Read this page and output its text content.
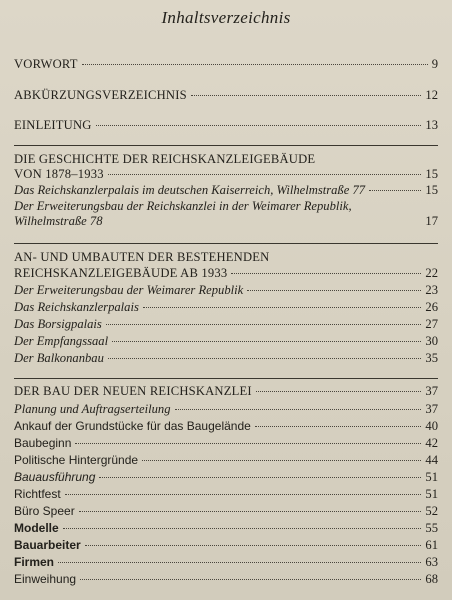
Inhaltsverzeichnis
VORWORT	9
ABKÜRZUNGSVERZEICHNIS	12
EINLEITUNG	13
DIE GESCHICHTE DER REICHSKANZLEIGEBÄUDE
VON 1878–1933	15
Das Reichskanzlerpalais im deutschen Kaiserreich, Wilhelmstraße 77	15
Der Erweiterungsbau der Reichskanzlei in der Weimarer Republik,
Wilhelmstraße 78	17
AN- UND UMBAUTEN DER BESTEHENDEN
REICHSKANZLEIGEBÄUDE AB 1933	22
Der Erweiterungsbau der Weimarer Republik	23
Das Reichskanzlerpalais	26
Das Borsigpalais	27
Der Empfangssaal	30
Der Balkonanbau	35
DER BAU DER NEUEN REICHSKANZLEI	37
Planung und Auftragserteilung	37
Ankauf der Grundstücke für das Baugelände	40
Baubeginn	42
Politische Hintergründe	44
Bauausführung	51
Richtfest	51
Büro Speer	52
Modelle	55
Bauarbeiter	61
Firmen	63
Einweihung	68
